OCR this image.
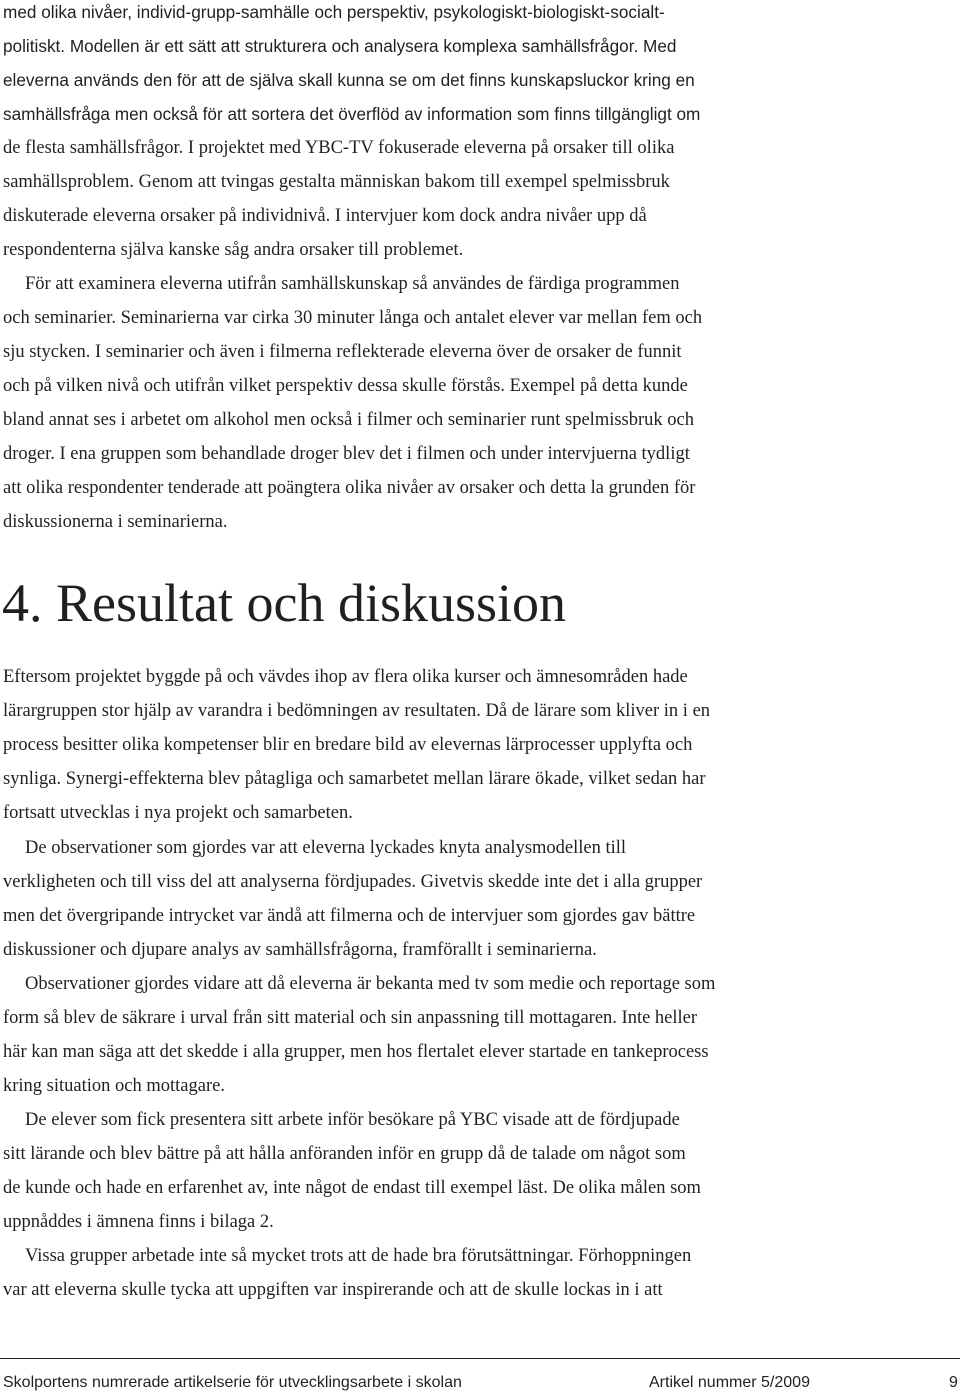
med olika nivåer, individ-grupp-samhälle och perspektiv, psykologiskt-biologiskt-socialt-
politiskt. Modellen är ett sätt att strukturera och analysera komplexa samhällsfrågor. Med
eleverna används den för att de själva skall kunna se om det finns kunskapsluckor kring en
samhällsfråga men också för att sortera det överflöd av information som finns tillgängligt om
de flesta samhällsfrågor. I projektet med YBC-TV fokuserade eleverna på orsaker till olika
samhällsproblem. Genom att tvingas gestalta människan bakom till exempel spelmissbruk
diskuterade eleverna orsaker på individnivå. I intervjuer kom dock andra nivåer upp då
respondenterna själva kanske såg andra orsaker till problemet.
För att examinera eleverna utifrån samhällskunskap så användes de färdiga programmen
och seminarier. Seminarierna var cirka 30 minuter långa och antalet elever var mellan fem och
sju stycken. I seminarier och även i filmerna reflekterade eleverna över de orsaker de funnit
och på vilken nivå och utifrån vilket perspektiv dessa skulle förstås. Exempel på detta kunde
bland annat ses i arbetet om alkohol men också i filmer och seminarier runt spelmissbruk och
droger. I ena gruppen som behandlade droger blev det i filmen och under intervjuerna tydligt
att olika respondenter tenderade att poängtera olika nivåer av orsaker och detta la grunden för
diskussionerna i seminarierna.
4. Resultat och diskussion
Eftersom projektet byggde på och vävdes ihop av flera olika kurser och ämnesområden hade
lärargruppen stor hjälp av varandra i bedömningen av resultaten. Då de lärare som kliver in i en
process besitter olika kompetenser blir en bredare bild av elevernas lärprocesser upplyfta och
synliga. Synergi-effekterna blev påtagliga och samarbetet mellan lärare ökade, vilket sedan har
fortsatt utvecklas i nya projekt och samarbeten.
De observationer som gjordes var att eleverna lyckades knyta analysmodellen till
verkligheten och till viss del att analyserna fördjupades. Givetvis skedde inte det i alla grupper
men det övergripande intrycket var ändå att filmerna och de intervjuer som gjordes gav bättre
diskussioner och djupare analys av samhällsfrågorna, framförallt i seminarierna.
Observationer gjordes vidare att då eleverna är bekanta med tv som medie och reportage som
form så blev de säkrare i urval från sitt material och sin anpassning till mottagaren. Inte heller
här kan man säga att det skedde i alla grupper, men hos flertalet elever startade en tankeprocess
kring situation och mottagare.
De elever som fick presentera sitt arbete inför besökare på YBC visade att de fördjupade
sitt lärande och blev bättre på att hålla anföranden inför en grupp då de talade om något som
de kunde och hade en erfarenhet av, inte något de endast till exempel läst. De olika målen som
uppnåddes i ämnena finns i bilaga 2.
Vissa grupper arbetade inte så mycket trots att de hade bra förutsättningar. Förhoppningen
var att eleverna skulle tycka att uppgiften var inspirerande och att de skulle lockas in i att
Skolportens numrerade artikelserie för utvecklingsarbete i skolan	Artikel nummer 5/2009	9
